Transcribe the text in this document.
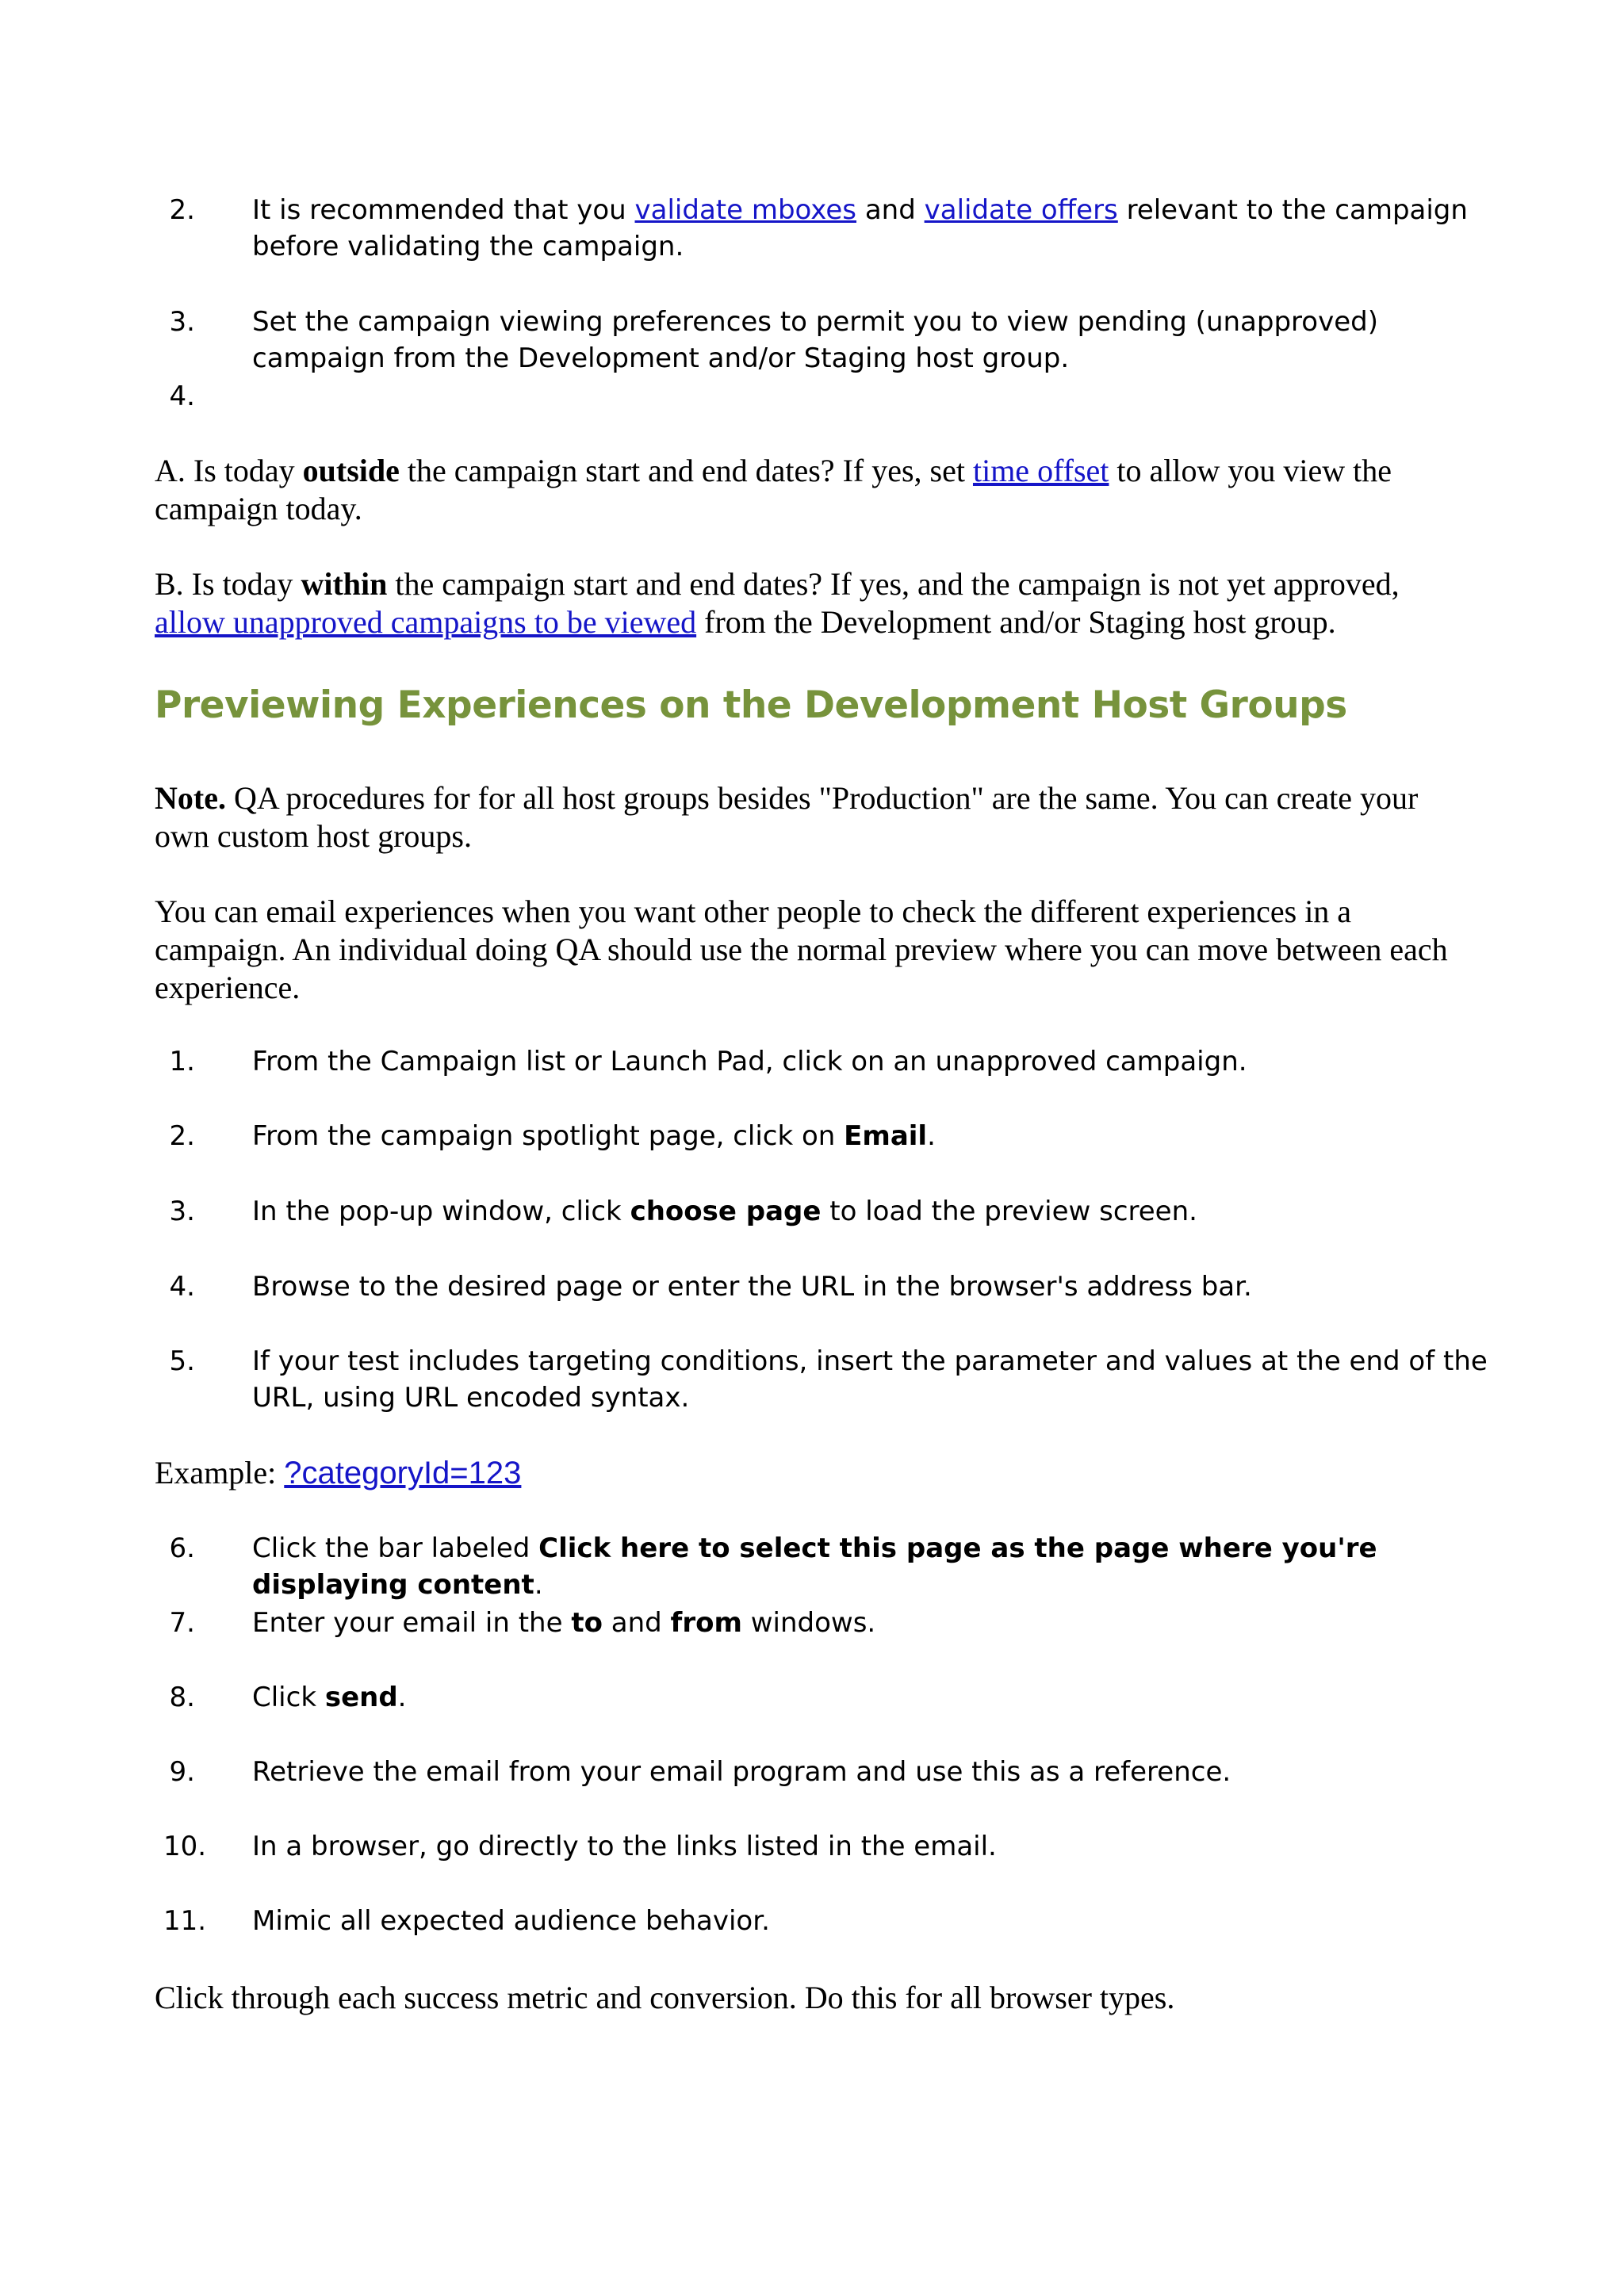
2. It is recommended that you validate mboxes and validate offers relevant to the campaign before validating the campaign.
3. Set the campaign viewing preferences to permit you to view pending (unapproved) campaign from the Development and/or Staging host group.
4.
A. Is today outside the campaign start and end dates? If yes, set time offset to allow you view the campaign today.
B. Is today within the campaign start and end dates? If yes, and the campaign is not yet approved, allow unapproved campaigns to be viewed from the Development and/or Staging host group.
Previewing Experiences on the Development Host Groups
Note. QA procedures for for all host groups besides "Production" are the same. You can create your own custom host groups.
You can email experiences when you want other people to check the different experiences in a campaign. An individual doing QA should use the normal preview where you can move between each experience.
1. From the Campaign list or Launch Pad, click on an unapproved campaign.
2. From the campaign spotlight page, click on Email.
3. In the pop-up window, click choose page to load the preview screen.
4. Browse to the desired page or enter the URL in the browser's address bar.
5. If your test includes targeting conditions, insert the parameter and values at the end of the URL, using URL encoded syntax.
Example: ?categoryId=123
6. Click the bar labeled Click here to select this page as the page where you're displaying content.
7. Enter your email in the to and from windows.
8. Click send.
9. Retrieve the email from your email program and use this as a reference.
10. In a browser, go directly to the links listed in the email.
11. Mimic all expected audience behavior.
Click through each success metric and conversion. Do this for all browser types.
